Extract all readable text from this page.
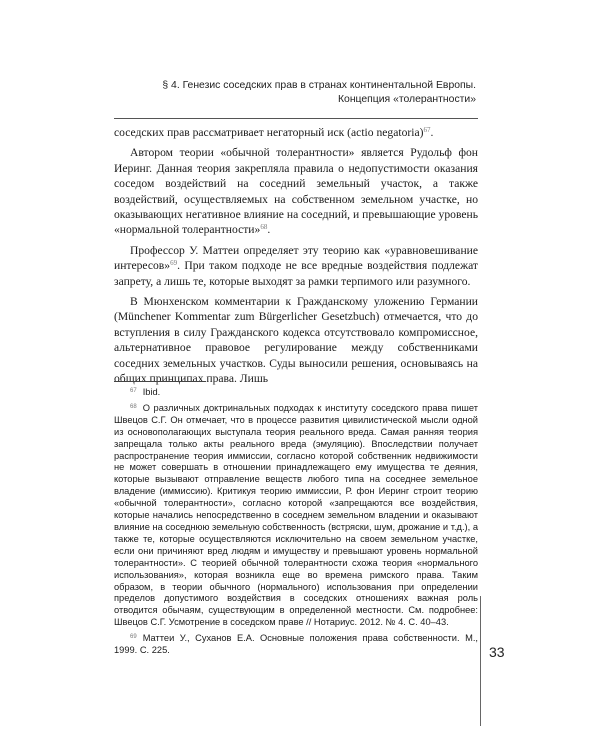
§ 4. Генезис соседских прав в странах континентальной Европы.
Концепция «толерантности»

соседских прав рассматривает негаторный иск (actio negatoria)$^{67}$.

Автором теории «обычной толерантности» является Рудольф фон Иеринг. Данная теория закрепляла правила о недопустимости оказания соседом воздействий на соседний земельный участок, а также воздействий, осуществляемых на собственном земельном участке, но оказывающих негативное влияние на соседний, и превышающие уровень «нормальной толерантности»$^{68}$.

Профессор У. Маттеи определяет эту теорию как «уравновешивание интересов»$^{69}$. При таком подходе не все вредные воздействия подлежат запрету, а лишь те, которые выходят за рамки терпимого или разумного.

В Мюнхенском комментарии к Гражданскому уложению Германии (Münchener Kommentar zum Bürgerlicher Gesetzbuch) отмечается, что до вступления в силу Гражданского кодекса отсутствовало компромиссное, альтернативное правовое регулирование между собственниками соседних земельных участков. Суды выносили решения, основываясь на общих принципах права. Лишь

$^{67}$ Ibid.

$^{68}$ О различных доктринальных подходах к институту соседского права пишет Швецов С.Г. Он отмечает, что в процессе развития цивилистической мысли одной из основополагающих выступала теория реального вреда. Самая ранняя теория запрещала только акты реального вреда (эмуляцию). Впоследствии получает распространение теория иммиссии, согласно которой собственник недвижимости не может совершать в отношении принадлежащего ему имущества те деяния, которые вызывают отправление веществ любого типа на соседнее земельное владение (иммиссию). Критикуя теорию иммиссии, Р. фон Иеринг строит теорию «обычной толерантности», согласно которой «запрещаются все воздействия, которые начались непосредственно в соседнем земельном владении и оказывают влияние на соседнюю земельную собственность (встряски, шум, дрожание и т.д.), а также те, которые осуществляются исключительно на своем земельном участке, если они причиняют вред людям и имуществу и превышают уровень нормальной толерантности». С теорией обычной толерантности схожа теория «нормального использования», которая возникла еще во времена римского права. Таким образом, в теории обычного (нормального) использования при определении пределов допустимого воздействия в соседских отношениях важная роль отводится обычаям, существующим в определенной местности. См. подробнее: Швецов С.Г. Усмотрение в соседском праве // Нотариус. 2012. № 4. С. 40–43.

$^{69}$ Маттеи У., Суханов Е.А. Основные положения права собственности. М., 1999. С. 225.	33
